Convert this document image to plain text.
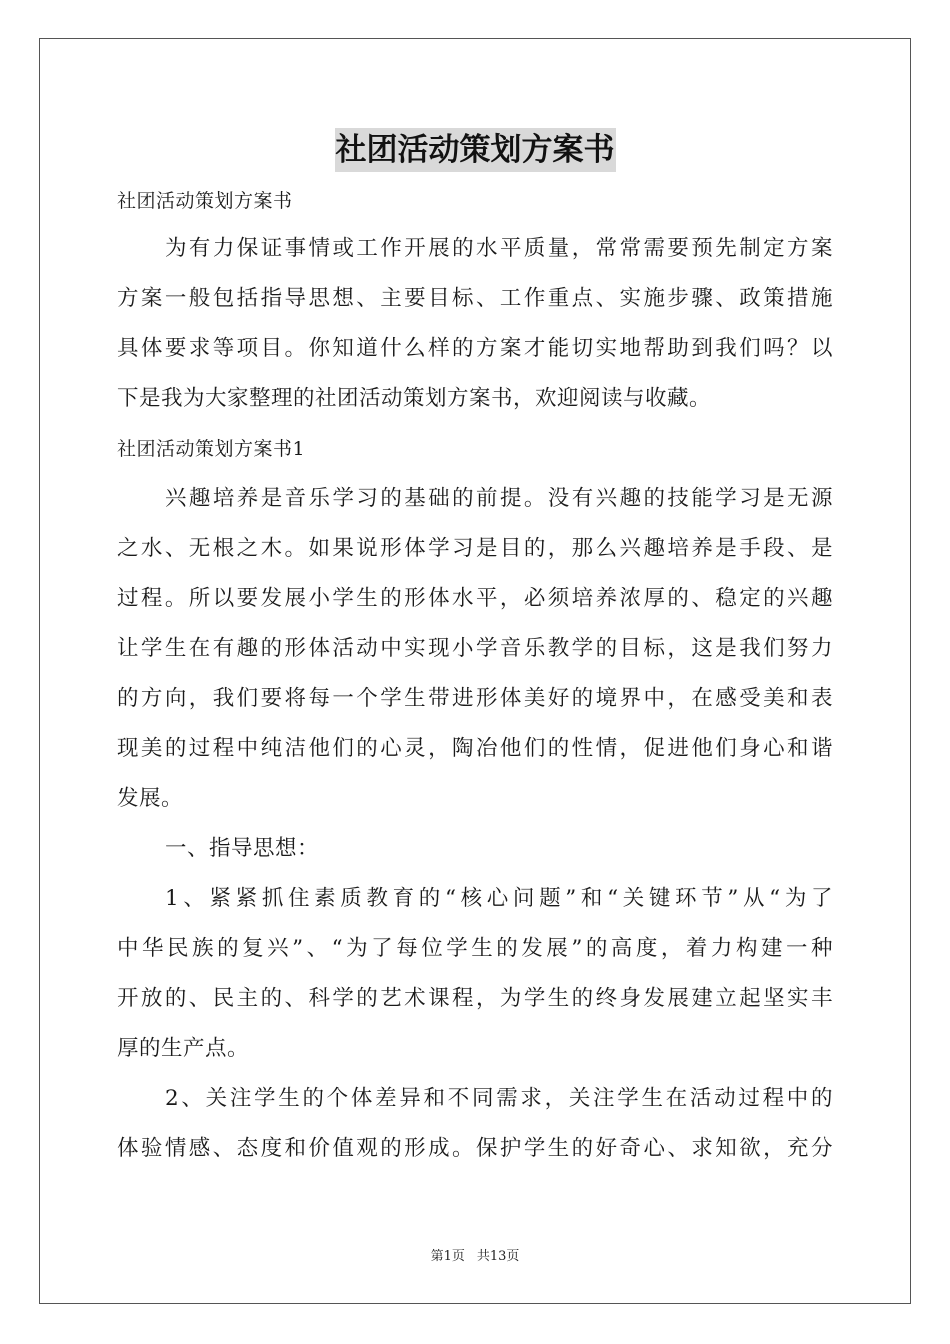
社团活动策划方案书
社团活动策划方案书
为有力保证事情或工作开展的水平质量，常常需要预先制定方案
方案一般包括指导思想、主要目标、工作重点、实施步骤、政策措施
具体要求等项目。你知道什么样的方案才能切实地帮助到我们吗？以
下是我为大家整理的社团活动策划方案书，欢迎阅读与收藏。
社团活动策划方案书1
兴趣培养是音乐学习的基础的前提。没有兴趣的技能学习是无源
之水、无根之木。如果说形体学习是目的，那么兴趣培养是手段、是
过程。所以要发展小学生的形体水平，必须培养浓厚的、稳定的兴趣
让学生在有趣的形体活动中实现小学音乐教学的目标，这是我们努力
的方向，我们要将每一个学生带进形体美好的境界中，在感受美和表
现美的过程中纯洁他们的心灵，陶冶他们的性情，促进他们身心和谐
发展。
一、指导思想：
1、紧紧抓住素质教育的“核心问题”和“关键环节”从“为了
中华民族的复兴”、“为了每位学生的发展”的高度，着力构建一种
开放的、民主的、科学的艺术课程，为学生的终身发展建立起坚实丰
厚的生产点。
2、关注学生的个体差异和不同需求，关注学生在活动过程中的
体验情感、态度和价值观的形成。保护学生的好奇心、求知欲，充分
第1页 共13页
